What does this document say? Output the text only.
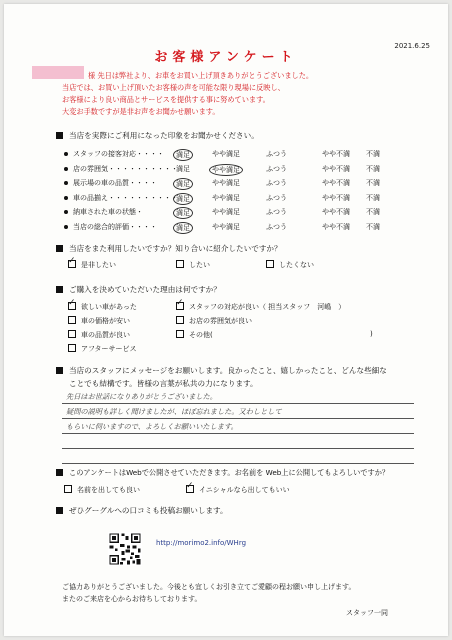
お客様アンケート
2021.6.25
様 先日は弊社より、お車をお買い上げ頂きありがとうございました。
当店では、お買い上げ頂いたお客様の声を可能な限り現場に反映し、
お客様により良い商品とサービスを提供する事に努めています。
大変お手数ですが是非お声をお聞かせ願います。
当店を実際にご利用になった印象をお聞かせください。
スタッフの接客対応・・・・	満足	やや満足	ふつう	やや不満 不満
店の雰囲気・・・・・・・・・・
満足	やや満足	ふつう	やや不満 不満
展示場の車の品質・・・・	満足	やや満足	ふつう	やや不満 不満
車の品揃え・・・・・・・・・・
満足	やや満足	ふつう	やや不満 不満
納車された車の状態・	満足	やや満足	ふつう	やや不満 不満
当店の総合的評価・・・・	満足	やや満足	ふつう	やや不満 不満
当店をまた利用したいですか？知り合いに紹介したいですか？
✓是非したい	したい	したくない
ご購入を決めていただいた理由は何ですか？
✓欲しい車があった
車の価格が安い
車の品質が良い
アフターサービス
✓スタッフの対応が良い（ 担当スタッフ　河嶋　）
お店の雰囲気が良い
その他(	)
当店のスタッフにメッセージをお願いします。良かったこと、嬉しかったこと、どんな些細な
ことでも結構です。皆様の言葉が私共の力になります。
先日はお世話になりありがとうございました。
疑問の説明も詳しく聞けましたが、ほぼ忘れました。又わしとして
もらいに伺いますので、よろしくお願いいたします。
このアンケートはWebで公開させていただきます。お名前を Web上に公開してもよろしいですか？
名前を出しても良い
✓	イニシャルなら出してもいい
ぜひグーグルへの口コミも投稿お願いします。
http://morimo2.info/WHrg
ご協力ありがとうございました。今後とも宜しくお引き立てご愛顧の程お願い申し上げます。
またのご来店を心からお待ちしております。
スタッフ一同
